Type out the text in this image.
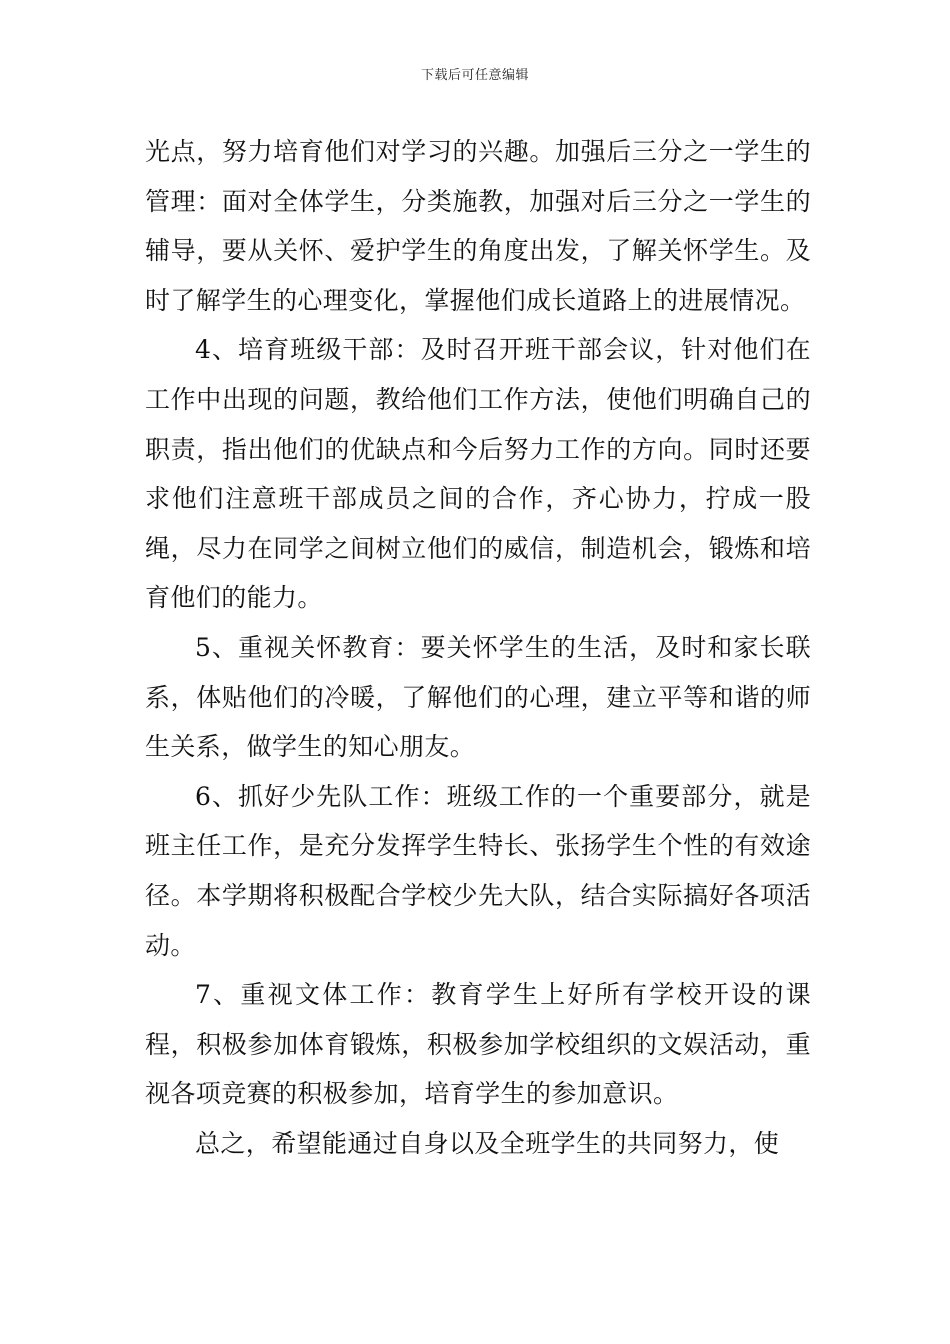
下载后可任意编辑

光点，努力培育他们对学习的兴趣。加强后三分之一学生的管理：面对全体学生，分类施教，加强对后三分之一学生的辅导，要从关怀、爱护学生的角度出发，了解关怀学生。及时了解学生的心理变化，掌握他们成长道路上的进展情况。

4、培育班级干部：及时召开班干部会议，针对他们在工作中出现的问题，教给他们工作方法，使他们明确自己的职责，指出他们的优缺点和今后努力工作的方向。同时还要求他们注意班干部成员之间的合作，齐心协力，拧成一股绳，尽力在同学之间树立他们的威信，制造机会，锻炼和培育他们的能力。

5、重视关怀教育：要关怀学生的生活，及时和家长联系，体贴他们的冷暖，了解他们的心理，建立平等和谐的师生关系，做学生的知心朋友。

6、抓好少先队工作：班级工作的一个重要部分，就是班主任工作，是充分发挥学生特长、张扬学生个性的有效途径。本学期将积极配合学校少先大队，结合实际搞好各项活动。

7、重视文体工作：教育学生上好所有学校开设的课程，积极参加体育锻炼，积极参加学校组织的文娱活动，重视各项竞赛的积极参加，培育学生的参加意识。

总之，希望能通过自身以及全班学生的共同努力，使
